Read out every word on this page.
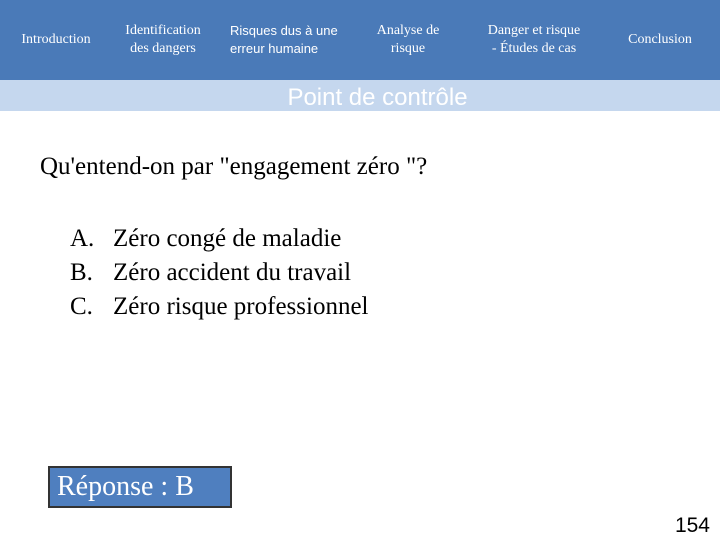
Introduction
Identification
des dangers
Risques dus à une
erreur humaine
Analyse de
risque
Danger et risque
- Études de cas
Conclusion
Point de contrôle
Qu'entend-on par "engagement zéro "?
A. Zéro congé de maladie
B. Zéro accident du travail
C. Zéro risque professionnel
Réponse : B
154
